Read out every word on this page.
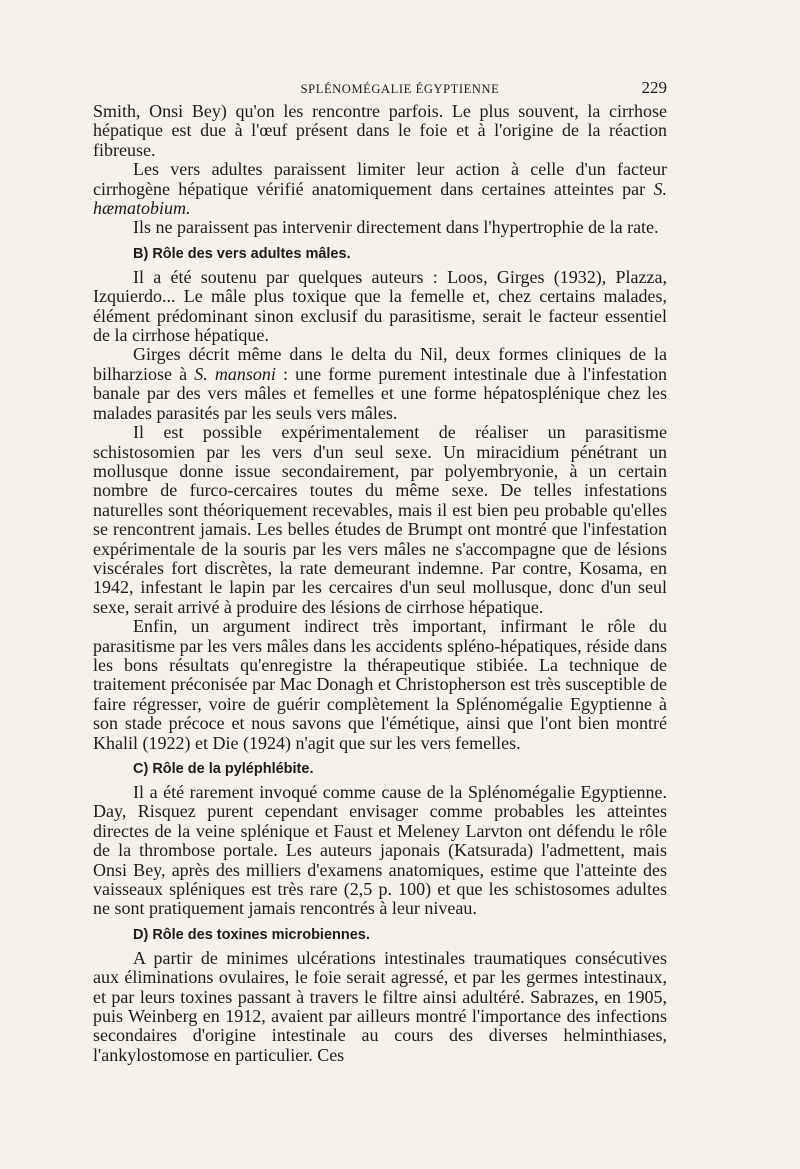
SPLÉNOMÉGALIE ÉGYPTIENNE	229

Smith, Onsi Bey) qu'on les rencontre parfois. Le plus souvent, la cirrhose hépatique est due à l'œuf présent dans le foie et à l'origine de la réaction fibreuse.

Les vers adultes paraissent limiter leur action à celle d'un facteur cirrhogène hépatique vérifié anatomiquement dans certaines atteintes par S. hæmatobium.

Ils ne paraissent pas intervenir directement dans l'hypertrophie de la rate.

B) Rôle des vers adultes mâles.

Il a été soutenu par quelques auteurs : Loos, Girges (1932), Plazza, Izquierdo... Le mâle plus toxique que la femelle et, chez certains malades, élément prédominant sinon exclusif du parasitisme, serait le facteur essentiel de la cirrhose hépatique.

Girges décrit même dans le delta du Nil, deux formes cliniques de la bilharziose à S. mansoni : une forme purement intestinale due à l'infestation banale par des vers mâles et femelles et une forme hépatosplénique chez les malades parasités par les seuls vers mâles.

Il est possible expérimentalement de réaliser un parasitisme schistosomien par les vers d'un seul sexe. Un miracidium pénétrant un mollusque donne issue secondairement, par polyembryonie, à un certain nombre de furco-cercaires toutes du même sexe. De telles infestations naturelles sont théoriquement recevables, mais il est bien peu probable qu'elles se rencontrent jamais. Les belles études de Brumpt ont montré que l'infestation expérimentale de la souris par les vers mâles ne s'accompagne que de lésions viscérales fort discrètes, la rate demeurant indemne. Par contre, Kosama, en 1942, infestant le lapin par les cercaires d'un seul mollusque, donc d'un seul sexe, serait arrivé à produire des lésions de cirrhose hépatique.

Enfin, un argument indirect très important, infirmant le rôle du parasitisme par les vers mâles dans les accidents spléno-hépatiques, réside dans les bons résultats qu'enregistre la thérapeutique stibiée. La technique de traitement préconisée par Mac Donagh et Christopherson est très susceptible de faire régresser, voire de guérir complètement la Splénomégalie Egyptienne à son stade précoce et nous savons que l'émétique, ainsi que l'ont bien montré Khalil (1922) et Die (1924) n'agit que sur les vers femelles.

C) Rôle de la pyléphlébite.

Il a été rarement invoqué comme cause de la Splénomégalie Egyptienne. Day, Risquez purent cependant envisager comme probables les atteintes directes de la veine splénique et Faust et Meleney Larvton ont défendu le rôle de la thrombose portale. Les auteurs japonais (Katsurada) l'admettent, mais Onsi Bey, après des milliers d'examens anatomiques, estime que l'atteinte des vaisseaux spléniques est très rare (2,5 p. 100) et que les schistosomes adultes ne sont pratiquement jamais rencontrés à leur niveau.

D) Rôle des toxines microbiennes.

A partir de minimes ulcérations intestinales traumatiques consécutives aux éliminations ovulaires, le foie serait agressé, et par les germes intestinaux, et par leurs toxines passant à travers le filtre ainsi adultéré. Sabrazes, en 1905, puis Weinberg en 1912, avaient par ailleurs montré l'importance des infections secondaires d'origine intestinale au cours des diverses helminthiases, l'ankylostomose en particulier. Ces
